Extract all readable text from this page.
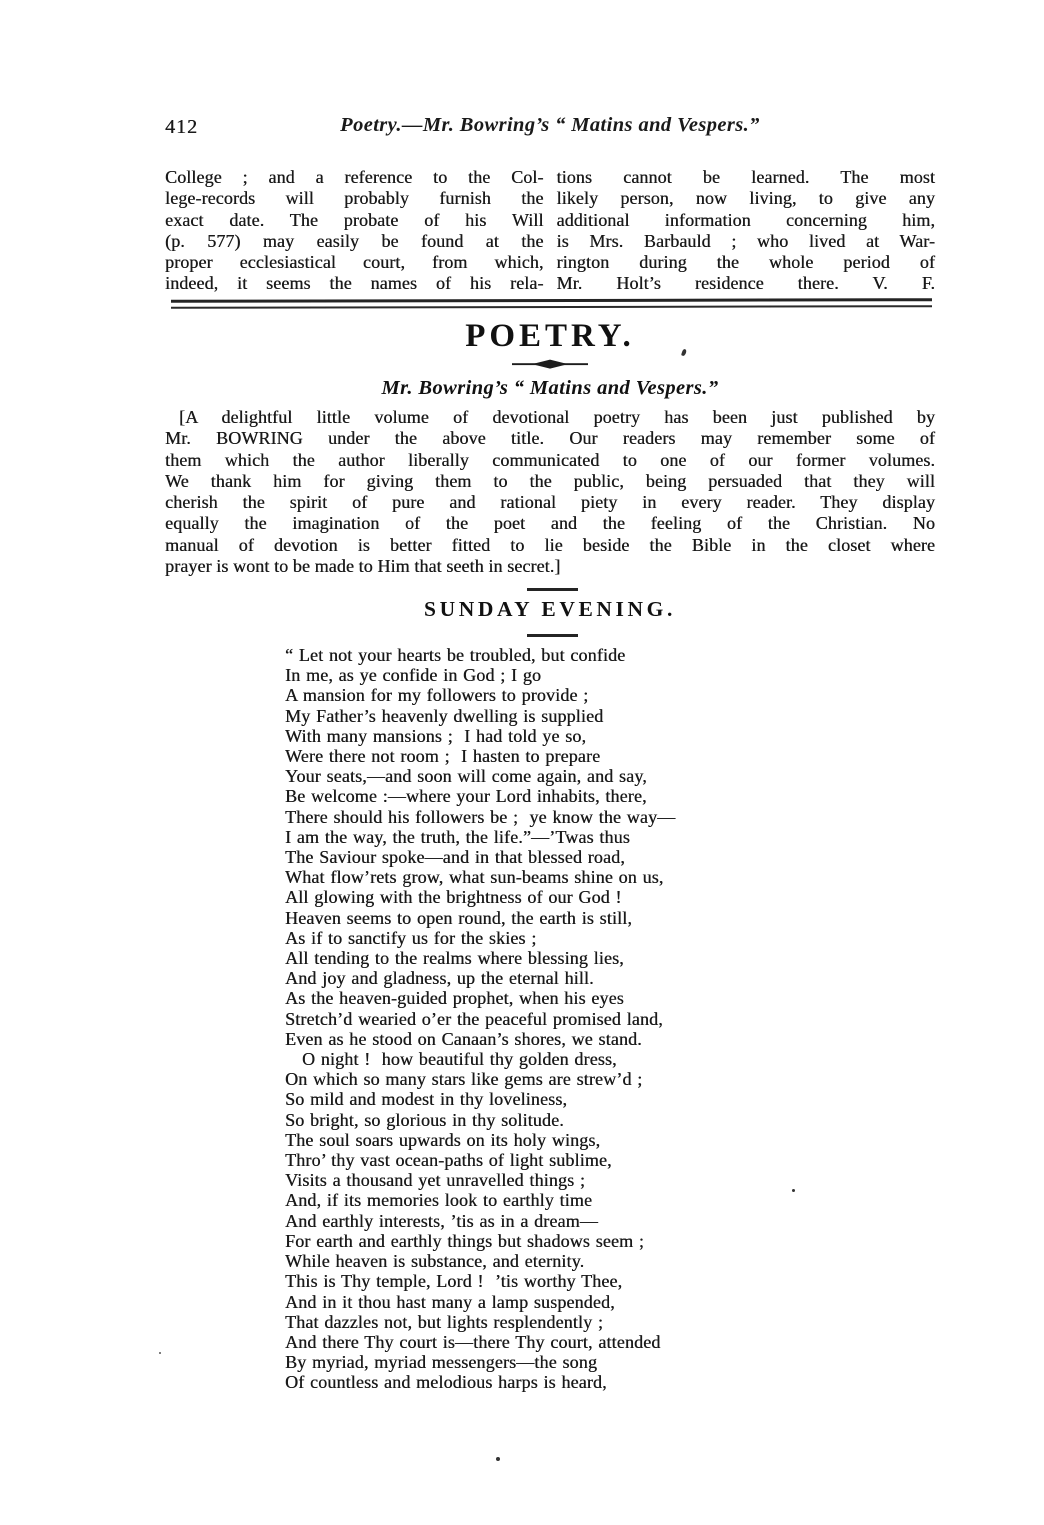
412	Poetry.—Mr. Bowring’s “ Matins and Vespers.”
College ; and a reference to the Col-
lege-records will probably furnish the
exact date. The probate of his Will
(p. 577) may easily be found at the
proper ecclesiastical court, from which,
indeed, it seems the names of his rela-
tions cannot be learned. The most
likely person, now living, to give any
additional information concerning him,
is Mrs. Barbauld ; who lived at War-
rington during the whole period of
Mr. Holt’s residence there. V. F.
POETRY.
Mr. Bowring’s “ Matins and Vespers.”
[A delightful little volume of devotional poetry has been just published by
Mr. BOWRING under the above title. Our readers may remember some of
them which the author liberally communicated to one of our former volumes.
We thank him for giving them to the public, being persuaded that they will
cherish the spirit of pure and rational piety in every reader. They display
equally the imagination of the poet and the feeling of the Christian. No
manual of devotion is better fitted to lie beside the Bible in the closet where
prayer is wont to be made to Him that seeth in secret.]
SUNDAY EVENING.
“ Let not your hearts be troubled, but confide
In me, as ye confide in God ; I go
A mansion for my followers to provide ;
My Father’s heavenly dwelling is supplied
With many mansions ;  I had told ye so,
Were there not room ;  I hasten to prepare
Your seats,—and soon will come again, and say,
Be welcome :—where your Lord inhabits, there,
There should his followers be ;  ye know the way—
I am the way, the truth, the life.”—’Twas thus
The Saviour spoke—and in that blessed road,
What flow’rets grow, what sun-beams shine on us,
All glowing with the brightness of our God !
Heaven seems to open round, the earth is still,
As if to sanctify us for the skies ;
All tending to the realms where blessing lies,
And joy and gladness, up the eternal hill.
As the heaven-guided prophet, when his eyes
Stretch’d wearied o’er the peaceful promised land,
Even as he stood on Canaan’s shores, we stand.
O night !  how beautiful thy golden dress,
On which so many stars like gems are strew’d ;
So mild and modest in thy loveliness,
So bright, so glorious in thy solitude.
The soul soars upwards on its holy wings,
Thro’ thy vast ocean-paths of light sublime,
Visits a thousand yet unravelled things ;
And, if its memories look to earthly time
And earthly interests, ’tis as in a dream—
For earth and earthly things but shadows seem ;
While heaven is substance, and eternity.
This is Thy temple, Lord !  ’tis worthy Thee,
And in it thou hast many a lamp suspended,
That dazzles not, but lights resplendently ;
And there Thy court is—there Thy court, attended
By myriad, myriad messengers—the song
Of countless and melodious harps is heard,
